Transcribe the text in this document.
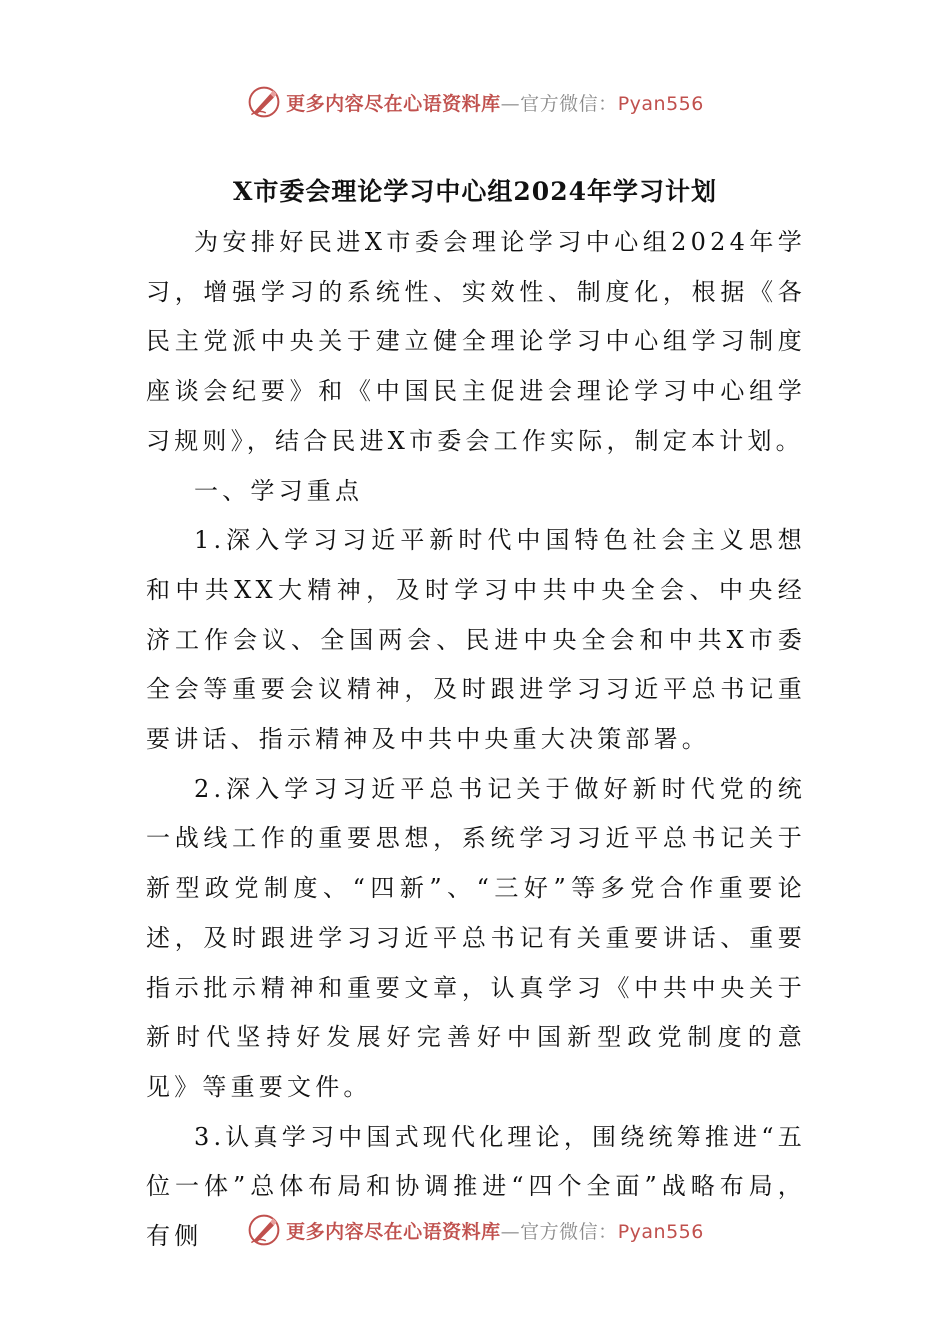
更多内容尽在心语资料库—官方微信：Pyan556
X市委会理论学习中心组2024年学习计划

为安排好民进X市委会理论学习中心组2024年学习，增强学习的系统性、实效性、制度化，根据《各民主党派中央关于建立健全理论学习中心组学习制度座谈会纪要》和《中国民主促进会理论学习中心组学习规则》，结合民进X市委会工作实际，制定本计划。

一、学习重点

1.深入学习习近平新时代中国特色社会主义思想和中共XX大精神，及时学习中共中央全会、中央经济工作会议、全国两会、民进中央全会和中共X市委全会等重要会议精神，及时跟进学习习近平总书记重要讲话、指示精神及中共中央重大决策部署。

2.深入学习习近平总书记关于做好新时代党的统一战线工作的重要思想，系统学习习近平总书记关于新型政党制度、“四新”、“三好”等多党合作重要论述，及时跟进学习习近平总书记有关重要讲话、重要指示批示精神和重要文章，认真学习《中共中央关于新时代坚持好发展好完善好中国新型政党制度的意见》等重要文件。

3.认真学习中国式现代化理论，围绕统筹推进“五位一体”总体布局和协调推进“四个全面”战略布局，有侧	更多内容尽在心语资料库—官方微信：Pyan556
